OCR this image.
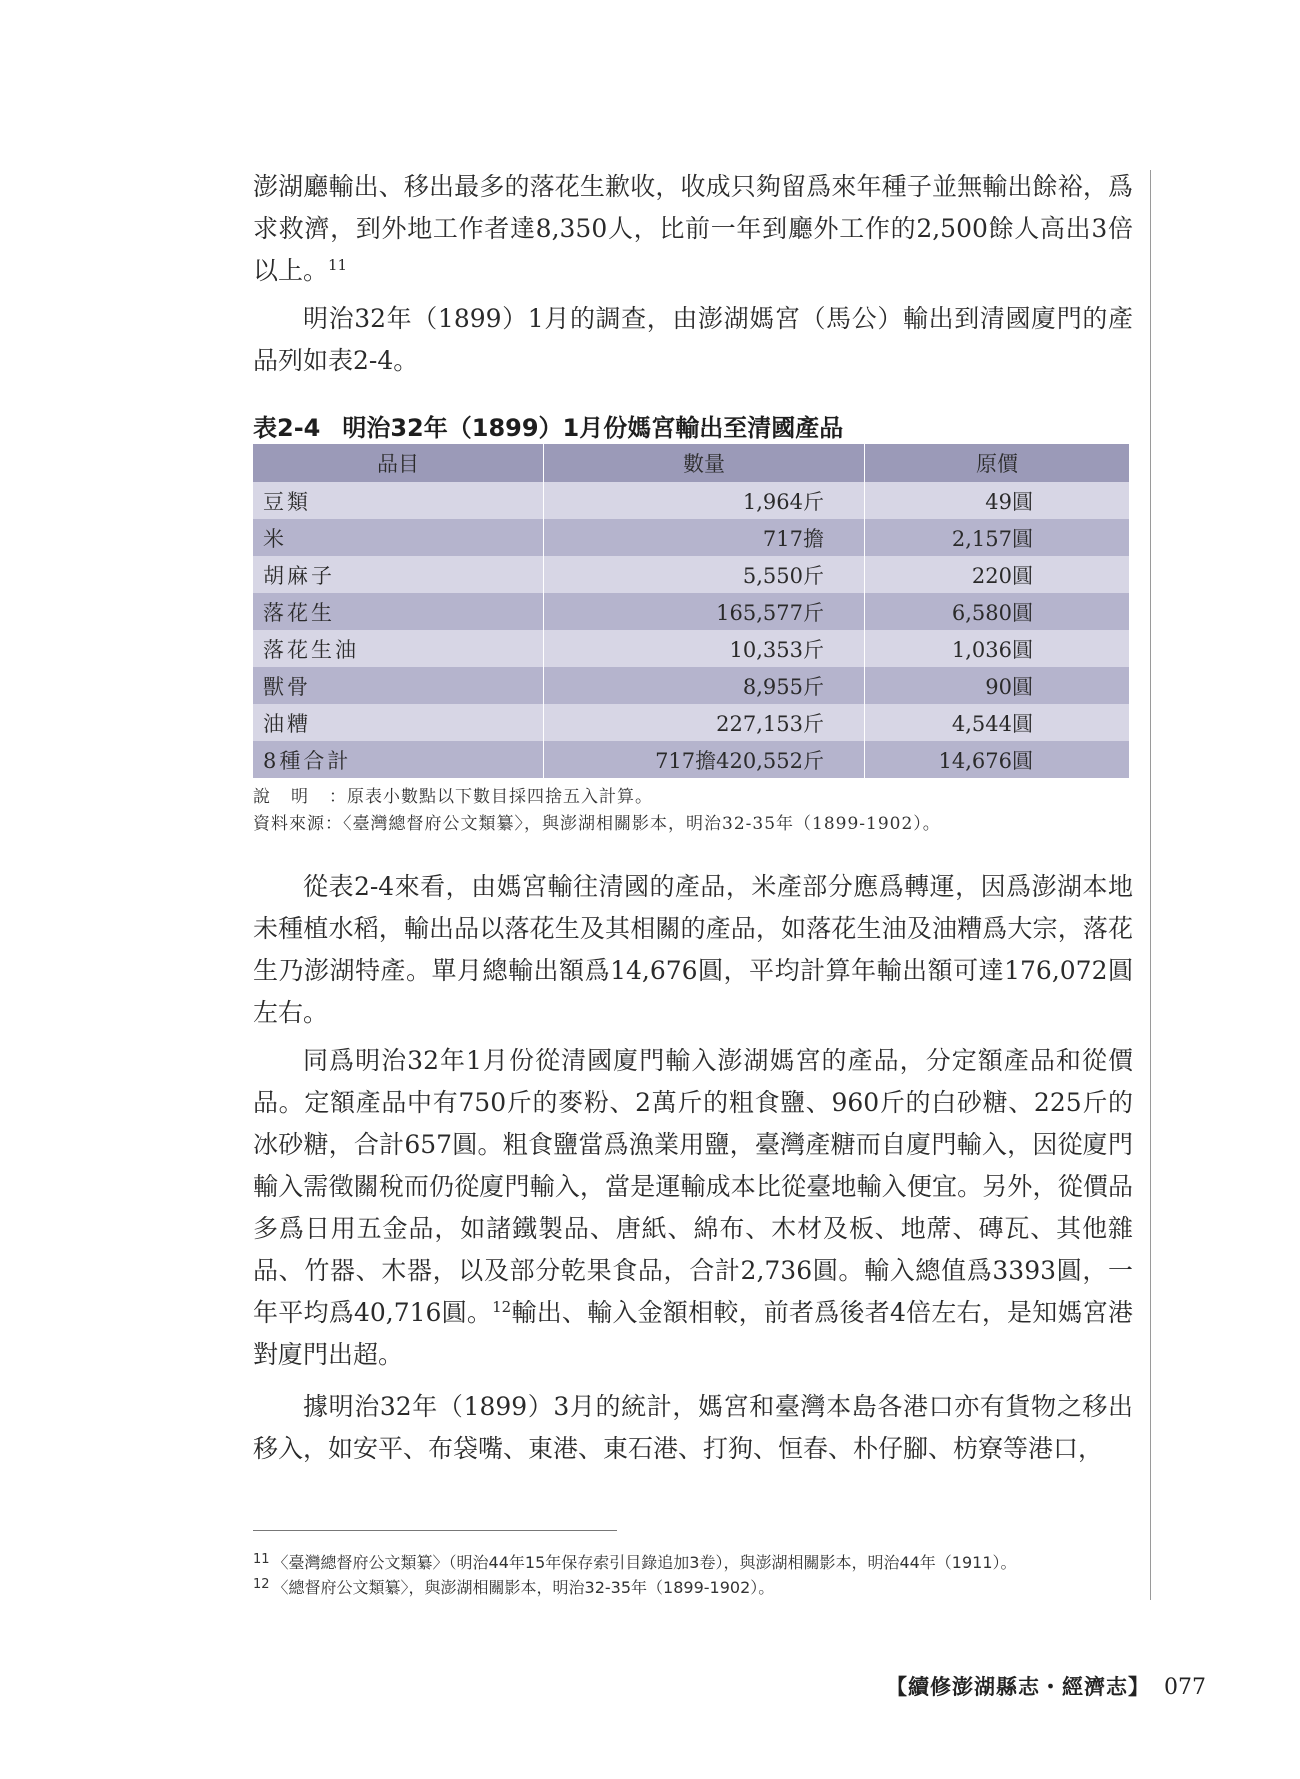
澎湖廳輸出、移出最多的落花生歉收，收成只夠留爲來年種子並無輸出餘裕，爲求救濟，到外地工作者達8,350人，比前一年到廳外工作的2,500餘人高出3倍以上。$^{11}$

明治32年（1899）1月的調查，由澎湖媽宮（馬公）輸出到清國廈門的產品列如表2-4。

表2-4 明治32年（1899）1月份媽宮輸出至清國產品
品目	數量	原價
豆類	1,964斤	49圓
米	717擔	2,157圓
胡麻子	5,550斤	220圓
落花生	165,577斤	6,580圓
落花生油	10,353斤	1,036圓
獸骨	8,955斤	90圓
油糟	227,153斤	4,544圓
8種合計	717擔420,552斤	14,676圓

說明：原表小數點以下數目採四捨五入計算。

資料來源：〈臺灣總督府公文類纂〉，與澎湖相關影本，明治32-35年（1899-1902）。

從表2-4來看，由媽宮輸往清國的產品，米產部分應爲轉運，因爲澎湖本地未種植水稻，輸出品以落花生及其相關的產品，如落花生油及油糟爲大宗，落花生乃澎湖特產。單月總輸出額爲14,676圓，平均計算年輸出額可達176,072圓左右。

同爲明治32年1月份從清國廈門輸入澎湖媽宮的產品，分定額產品和從價品。定額產品中有750斤的麥粉、2萬斤的粗食鹽、960斤的白砂糖、225斤的冰砂糖，合計657圓。粗食鹽當爲漁業用鹽，臺灣產糖而自廈門輸入，因從廈門輸入需徵關稅而仍從廈門輸入，當是運輸成本比從臺地輸入便宜。另外，從價品多爲日用五金品，如諸鐵製品、唐紙、綿布、木材及板、地蓆、磚瓦、其他雜品、竹器、木器，以及部分乾果食品，合計2,736圓。輸入總值爲3393圓，一年平均爲40,716圓。$^{12}$輸出、輸入金額相較，前者爲後者4倍左右，是知媽宮港對廈門出超。

據明治32年（1899）3月的統計，媽宮和臺灣本島各港口亦有貨物之移出移入，如安平、布袋嘴、東港、東石港、打狗、恒春、朴仔腳、枋寮等港口，

$^{11}$ 〈臺灣總督府公文類纂〉（明治44年15年保存索引目錄追加3卷），與澎湖相關影本，明治44年（1911）。

$^{12}$ 〈總督府公文類纂〉，與澎湖相關影本，明治32-35年（1899-1902）。

【續修澎湖縣志・經濟志】 077
